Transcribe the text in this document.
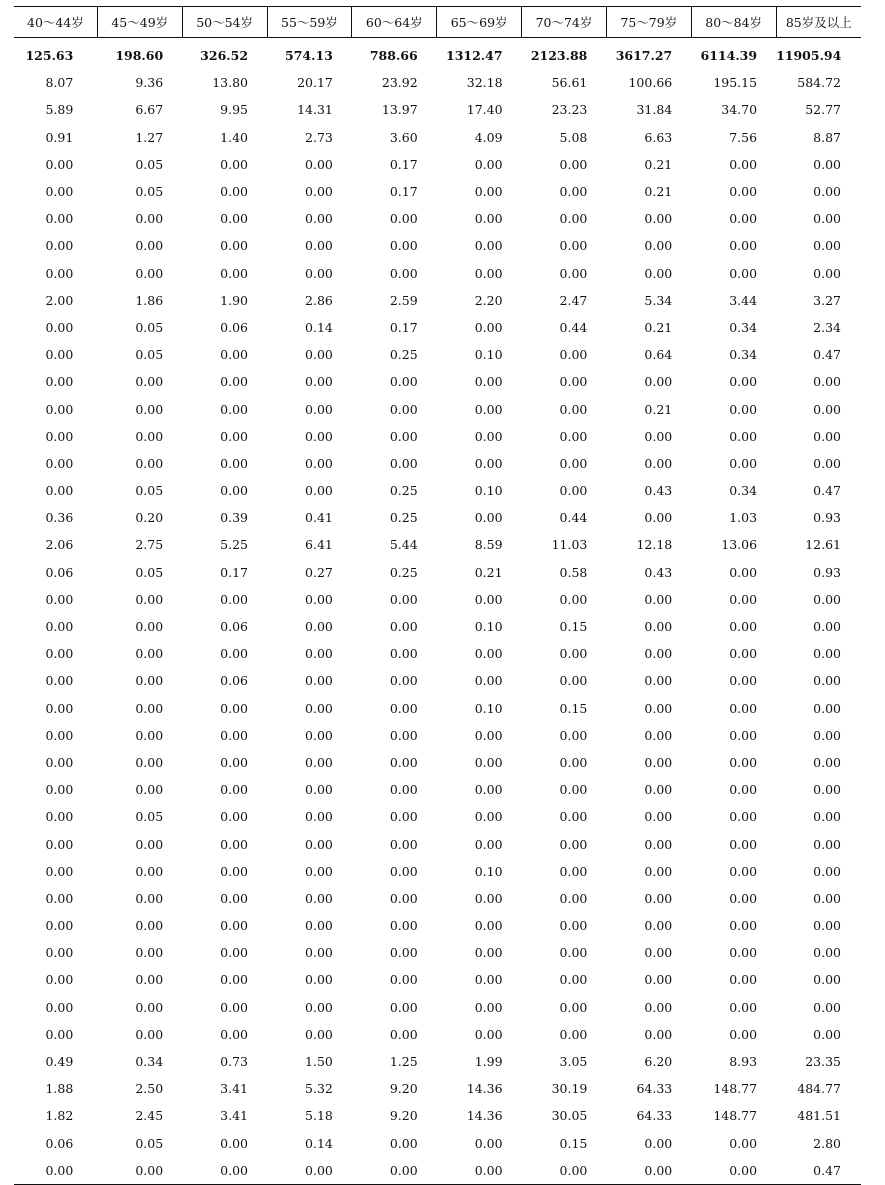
40～44岁	45～49岁	50～54岁	55～59岁	60～64岁	65～69岁	70～74岁	75～79岁	80～84岁	85岁及以上
125.63	198.60	326.52	574.13	788.66	1312.47	2123.88	3617.27	6114.39	11905.94
8.07	9.36	13.80	20.17	23.92	32.18	56.61	100.66	195.15	584.72
5.89	6.67	9.95	14.31	13.97	17.40	23.23	31.84	34.70	52.77
0.91	1.27	1.40	2.73	3.60	4.09	5.08	6.63	7.56	8.87
0.00	0.05	0.00	0.00	0.17	0.00	0.00	0.21	0.00	0.00
0.00	0.05	0.00	0.00	0.17	0.00	0.00	0.21	0.00	0.00
0.00	0.00	0.00	0.00	0.00	0.00	0.00	0.00	0.00	0.00
0.00	0.00	0.00	0.00	0.00	0.00	0.00	0.00	0.00	0.00
0.00	0.00	0.00	0.00	0.00	0.00	0.00	0.00	0.00	0.00
2.00	1.86	1.90	2.86	2.59	2.20	2.47	5.34	3.44	3.27
0.00	0.05	0.06	0.14	0.17	0.00	0.44	0.21	0.34	2.34
0.00	0.05	0.00	0.00	0.25	0.10	0.00	0.64	0.34	0.47
0.00	0.00	0.00	0.00	0.00	0.00	0.00	0.00	0.00	0.00
0.00	0.00	0.00	0.00	0.00	0.00	0.00	0.21	0.00	0.00
0.00	0.00	0.00	0.00	0.00	0.00	0.00	0.00	0.00	0.00
0.00	0.00	0.00	0.00	0.00	0.00	0.00	0.00	0.00	0.00
0.00	0.05	0.00	0.00	0.25	0.10	0.00	0.43	0.34	0.47
0.36	0.20	0.39	0.41	0.25	0.00	0.44	0.00	1.03	0.93
2.06	2.75	5.25	6.41	5.44	8.59	11.03	12.18	13.06	12.61
0.06	0.05	0.17	0.27	0.25	0.21	0.58	0.43	0.00	0.93
0.00	0.00	0.00	0.00	0.00	0.00	0.00	0.00	0.00	0.00
0.00	0.00	0.06	0.00	0.00	0.10	0.15	0.00	0.00	0.00
0.00	0.00	0.00	0.00	0.00	0.00	0.00	0.00	0.00	0.00
0.00	0.00	0.06	0.00	0.00	0.00	0.00	0.00	0.00	0.00
0.00	0.00	0.00	0.00	0.00	0.10	0.15	0.00	0.00	0.00
0.00	0.00	0.00	0.00	0.00	0.00	0.00	0.00	0.00	0.00
0.00	0.00	0.00	0.00	0.00	0.00	0.00	0.00	0.00	0.00
0.00	0.00	0.00	0.00	0.00	0.00	0.00	0.00	0.00	0.00
0.00	0.05	0.00	0.00	0.00	0.00	0.00	0.00	0.00	0.00
0.00	0.00	0.00	0.00	0.00	0.00	0.00	0.00	0.00	0.00
0.00	0.00	0.00	0.00	0.00	0.10	0.00	0.00	0.00	0.00
0.00	0.00	0.00	0.00	0.00	0.00	0.00	0.00	0.00	0.00
0.00	0.00	0.00	0.00	0.00	0.00	0.00	0.00	0.00	0.00
0.00	0.00	0.00	0.00	0.00	0.00	0.00	0.00	0.00	0.00
0.00	0.00	0.00	0.00	0.00	0.00	0.00	0.00	0.00	0.00
0.00	0.00	0.00	0.00	0.00	0.00	0.00	0.00	0.00	0.00
0.00	0.00	0.00	0.00	0.00	0.00	0.00	0.00	0.00	0.00
0.49	0.34	0.73	1.50	1.25	1.99	3.05	6.20	8.93	23.35
1.88	2.50	3.41	5.32	9.20	14.36	30.19	64.33	148.77	484.77
1.82	2.45	3.41	5.18	9.20	14.36	30.05	64.33	148.77	481.51
0.06	0.05	0.00	0.14	0.00	0.00	0.15	0.00	0.00	2.80
0.00	0.00	0.00	0.00	0.00	0.00	0.00	0.00	0.00	0.47
